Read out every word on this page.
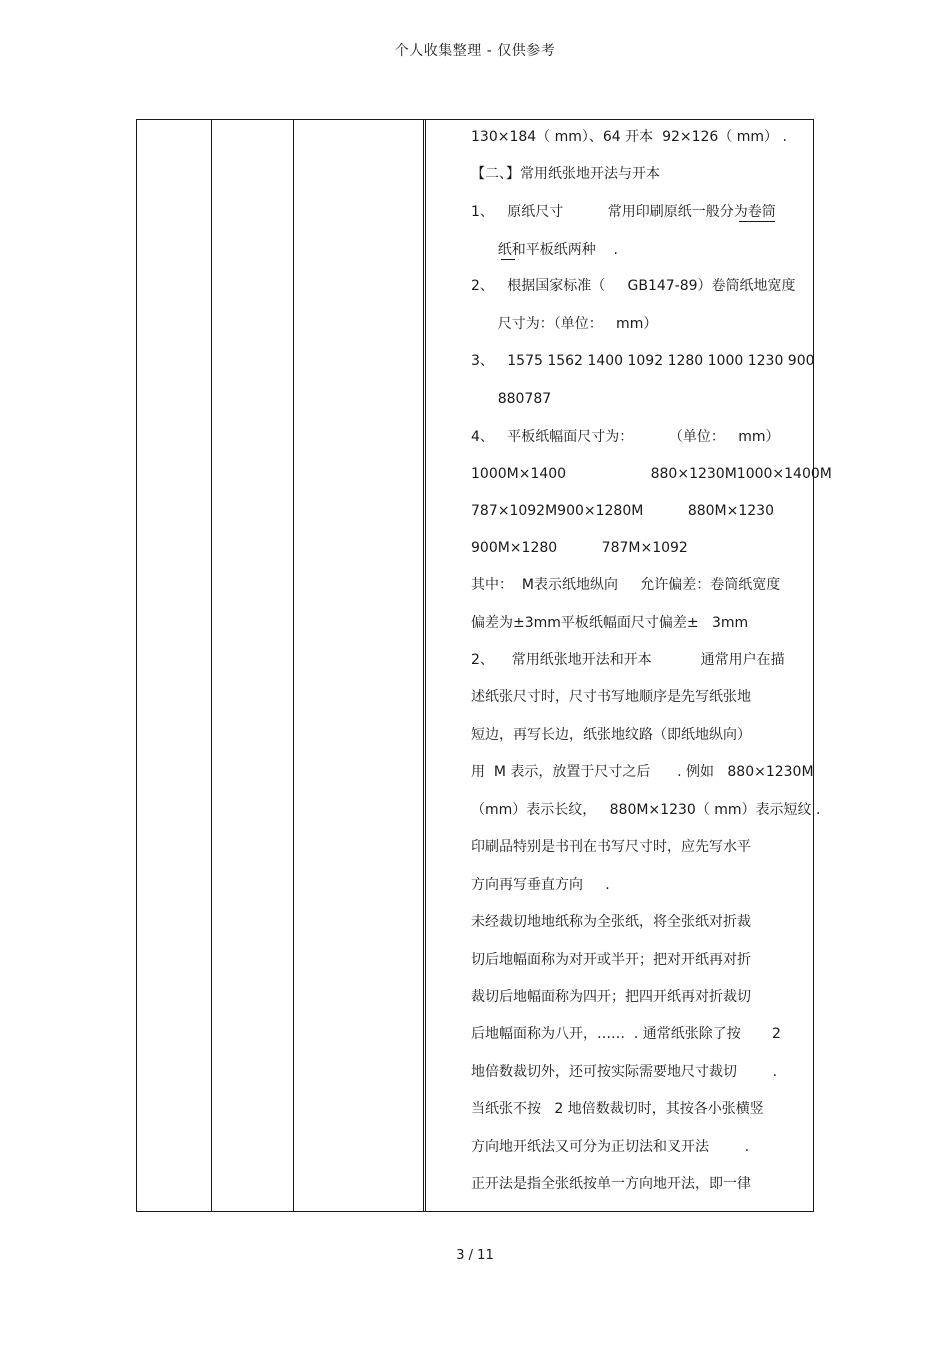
个人收集整理 - 仅供参考
130×184（ mm）、64 开本  92×126（ mm） .
【二、】常用纸张地开法与开本
1、   原纸尺寸          常用印刷原纸一般分为卷筒
纸和平板纸两种    .
2、   根据国家标准（     GB147-89）卷筒纸地宽度
尺寸为：（单位：   mm）
3、   1575 1562 1400 1092 1280 1000 1230 900
880787
4、   平板纸幅面尺寸为：        （单位：   mm）
1000M×1400                   880×1230M1000×1400M
787×1092M900×1280M          880M×1230
900M×1280          787M×1092
其中：  M表示纸地纵向     允许偏差：卷筒纸宽度
偏差为±3mm平板纸幅面尺寸偏差±   3mm
2、    常用纸张地开法和开本           通常用户在描
述纸张尺寸时，尺寸书写地顺序是先写纸张地
短边，再写长边，纸张地纹路（即纸地纵向）
用  M 表示，放置于尺寸之后      . 例如   880×1230M
（mm）表示长纹，   880M×1230（ mm）表示短纹 .
印刷品特别是书刊在书写尺寸时，应先写水平
方向再写垂直方向     .
未经裁切地地纸称为全张纸，将全张纸对折裁
切后地幅面称为对开或半开；把对开纸再对折
裁切后地幅面称为四开；把四开纸再对折裁切
后地幅面称为八开，……  . 通常纸张除了按       2
地倍数裁切外，还可按实际需要地尺寸裁切        .
当纸张不按   2 地倍数裁切时，其按各小张横竖
方向地开纸法又可分为正切法和叉开法        .
正开法是指全张纸按单一方向地开法，即一律
3 / 11
